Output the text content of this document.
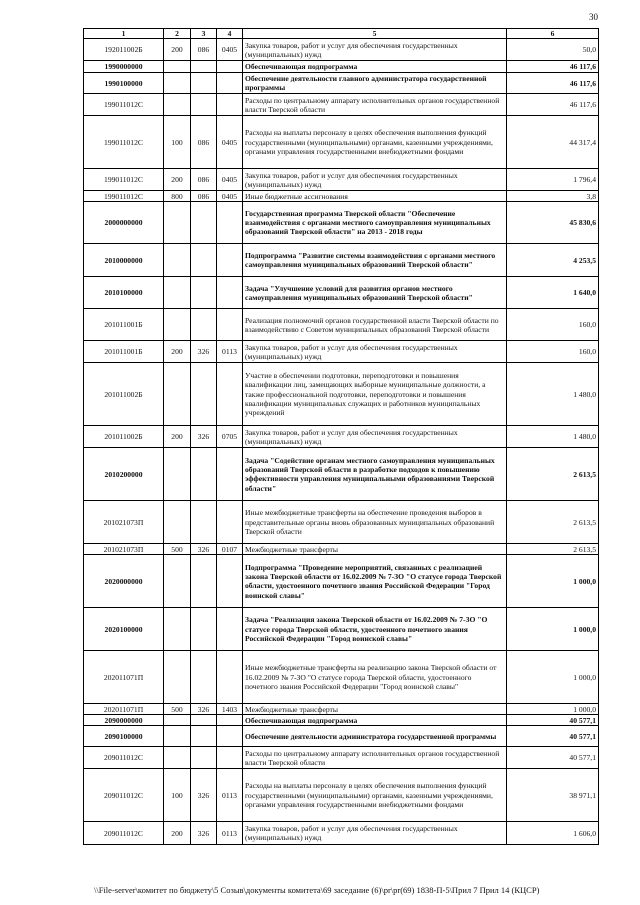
30
1	2	3	4	5	6
192011002Б	200	086	0405	Закупка товаров, работ и услуг для обеспечения государственных (муниципальных) нужд	50,0
1990000000				Обеспечивающая подпрограмма	46 117,6
1990100000				Обеспечение деятельности главного администратора государственной программы	46 117,6
199011012С				Расходы по центральному аппарату исполнительных органов государственной власти Тверской области	46 117,6
199011012С	100	086	0405	Расходы на выплаты персоналу в целях обеспечения выполнения функций государственными (муниципальными) органами, казенными учреждениями, органами управления государственными внебюджетными фондами	44 317,4
199011012С	200	086	0405	Закупка товаров, работ и услуг для обеспечения государственных (муниципальных) нужд	1 796,4
199011012С	800	086	0405	Иные бюджетные ассигнования	3,8
2000000000				Государственная программа Тверской области "Обеспечение взаимодействия с органами местного самоуправления муниципальных образований Тверской области" на 2013 - 2018 годы	45 830,6
2010000000				Подпрограмма "Развитие системы взаимодействия с органами местного самоуправления муниципальных образований Тверской области"	4 253,5
2010100000				Задача "Улучшение условий для развития органов местного самоуправления муниципальных образований Тверской области"	1 640,0
201011001Б				Реализация полномочий органов государственной власти Тверской области по взаимодействию с Советом муниципальных образований Тверской области	160,0
201011001Б	200	326	0113	Закупка товаров, работ и услуг для обеспечения государственных (муниципальных) нужд	160,0
201011002Б				Участие в обеспечении подготовки, переподготовки и повышения квалификации лиц, замещающих выборные муниципальные должности, а также профессиональной подготовки, переподготовки и повышения квалификации муниципальных служащих и работников муниципальных учреждений	1 480,0
201011002Б	200	326	0705	Закупка товаров, работ и услуг для обеспечения государственных (муниципальных) нужд	1 480,0
2010200000				Задача "Содействие органам местного самоуправления муниципальных образований Тверской области в разработке подходов к повышению эффективности управления муниципальными образованиями Тверской области"	2 613,5
201021073П				Иные межбюджетные трансферты на обеспечение проведения выборов в представительные органы вновь образованных муниципальных образований Тверской области	2 613,5
201021073П	500	326	0107	Межбюджетные трансферты	2 613,5
2020000000				Подпрограмма "Проведение мероприятий, связанных с реализацией закона Тверской области от 16.02.2009 № 7-ЗО "О статусе города Тверской области, удостоенного почетного звания Российской Федерации "Город воинской славы"	1 000,0
2020100000				Задача "Реализация закона Тверской области от 16.02.2009 № 7-ЗО "О статусе города Тверской области, удостоенного почетного звания Российской Федерации "Город воинской славы"	1 000,0
202011071П				Иные межбюджетные трансферты на реализацию закона Тверской области от 16.02.2009 № 7-ЗО "О статусе города Тверской области, удостоенного почетного звания Российской Федерации "Город воинской славы"	1 000,0
202011071П	500	326	1403	Межбюджетные трансферты	1 000,0
2090000000				Обеспечивающая подпрограмма	40 577,1
2090100000				Обеспечение деятельности администратора государственной программы	40 577,1
209011012С				Расходы по центральному аппарату исполнительных органов государственной власти Тверской области	40 577,1
209011012С	100	326	0113	Расходы на выплаты персоналу в целях обеспечения выполнения функций государственными (муниципальными) органами, казенными учреждениями, органами управления государственными внебюджетными фондами	38 971,1
209011012С	200	326	0113	Закупка товаров, работ и услуг для обеспечения государственных (муниципальных) нужд	1 606,0
\\File-server\комитет по бюджету\5 Созыв\документы комитета\69 заседание (6)\pr\pr(69) 1838-П-5\Прил 7 Прил 14 (КЦСР)
